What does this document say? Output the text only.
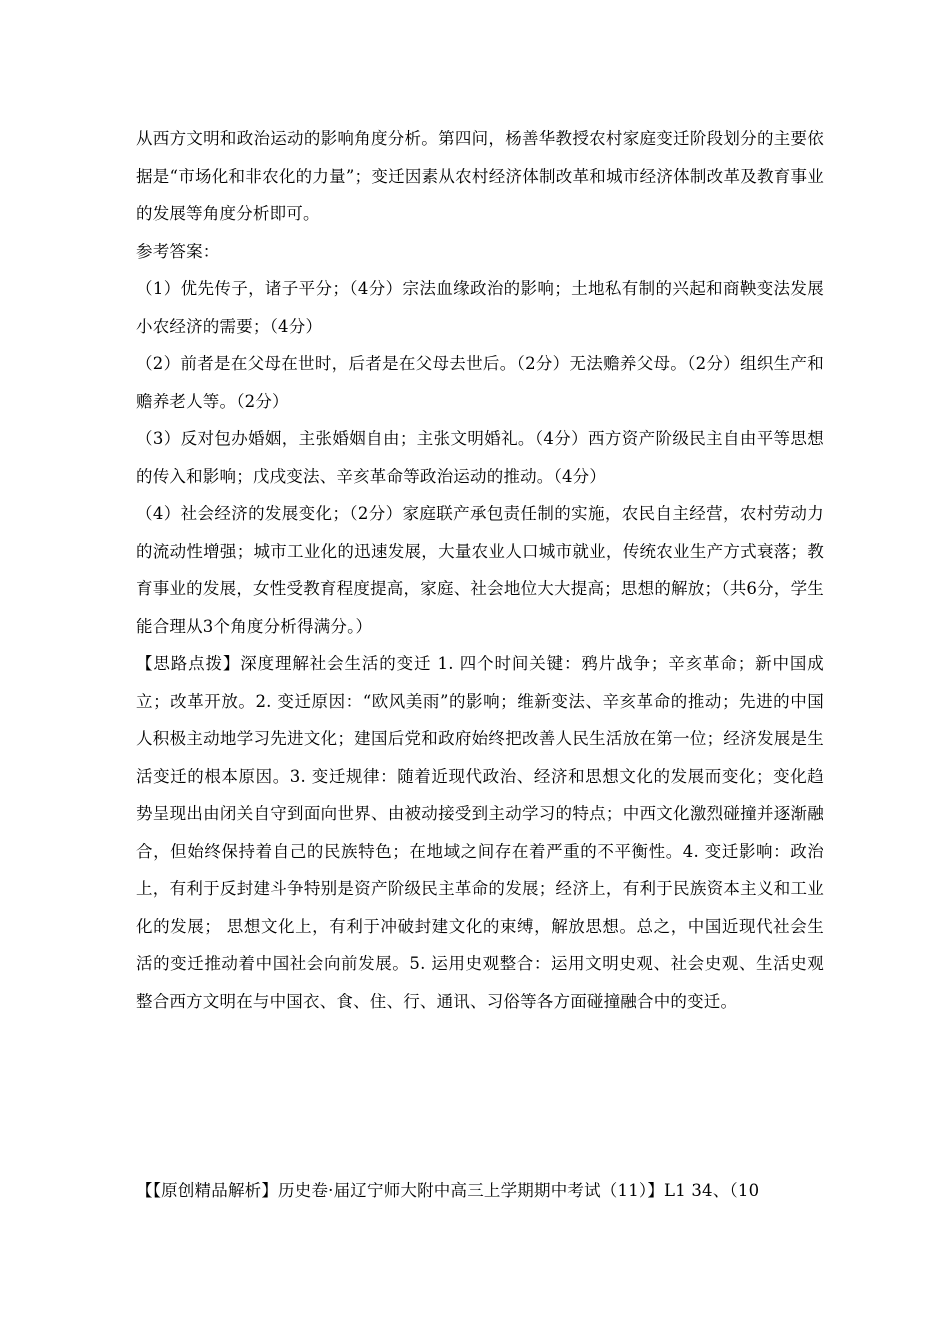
从西方文明和政治运动的影响角度分析。第四问，杨善华教授农村家庭变迁阶段划分的主要依据是“市场化和非农化的力量”；变迁因素从农村经济体制改革和城市经济体制改革及教育事业的发展等角度分析即可。

参考答案：

（1）优先传子，诸子平分；（4分）宗法血缘政治的影响；土地私有制的兴起和商鞅变法发展小农经济的需要；（4分）

（2）前者是在父母在世时，后者是在父母去世后。（2分）无法赡养父母。（2分）组织生产和赡养老人等。（2分）

（3）反对包办婚姻，主张婚姻自由；主张文明婚礼。（4分）西方资产阶级民主自由平等思想的传入和影响；戊戌变法、辛亥革命等政治运动的推动。（4分）

（4）社会经济的发展变化；（2分）家庭联产承包责任制的实施，农民自主经营，农村劳动力的流动性增强；城市工业化的迅速发展，大量农业人口城市就业，传统农业生产方式衰落；教育事业的发展，女性受教育程度提高，家庭、社会地位大大提高；思想的解放；（共6分，学生能合理从3个角度分析得满分。）

【思路点拨】深度理解社会生活的变迁 1. 四个时间关键：鸦片战争；辛亥革命；新中国成立；改革开放。2. 变迁原因：“欧风美雨”的影响；维新变法、辛亥革命的推动；先进的中国人积极主动地学习先进文化；建国后党和政府始终把改善人民生活放在第一位；经济发展是生活变迁的根本原因。3. 变迁规律：随着近现代政治、经济和思想文化的发展而变化；变化趋势呈现出由闭关自守到面向世界、由被动接受到主动学习的特点；中西文化激烈碰撞并逐渐融合，但始终保持着自己的民族特色；在地域之间存在着严重的不平衡性。4. 变迁影响：政治上，有利于反封建斗争特别是资产阶级民主革命的发展；经济上，有利于民族资本主义和工业化的发展； 思想文化上，有利于冲破封建文化的束缚，解放思想。总之，中国近现代社会生活的变迁推动着中国社会向前发展。5. 运用史观整合：运用文明史观、社会史观、生活史观整合西方文明在与中国衣、食、住、行、通讯、习俗等各方面碰撞融合中的变迁。

【【原创精品解析】历史卷·届辽宁师大附中高三上学期期中考试（11）】L1 34、（10
